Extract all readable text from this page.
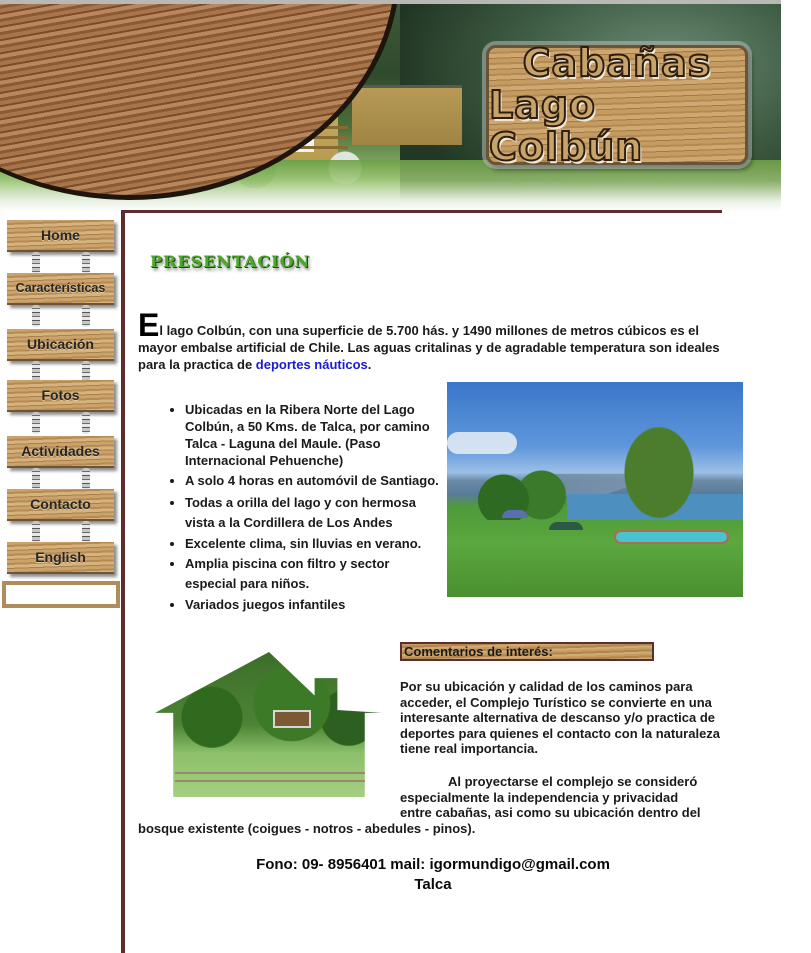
Cabañas
Lago Colbún
Home
Características
Ubicación
Fotos
Actividades
Contacto
English
PRESENTACIÓN

El lago Colbún, con una superficie de 5.700 hás. y 1490 millones de metros cúbicos es el mayor embalse artificial de Chile. Las aguas critalinas y de agradable temperatura son ideales para la practica de deportes náuticos.

• Ubicadas en la Ribera Norte del Lago Colbún, a 50 Kms. de Talca, por camino Talca - Laguna del Maule. (Paso Internacional Pehuenche)
• A solo 4 horas en automóvil de Santiago.
• Todas a orilla del lago y con hermosa vista a la Cordillera de Los Andes
• Excelente clima, sin lluvias en verano.
• Amplia piscina con filtro y sector especial para niños.
• Variados juegos infantiles
Comentarios de interés:

Por su ubicación y calidad de los caminos para acceder, el Complejo Turístico se convierte en una interesante alternativa de descanso y/o practica de deportes para quienes el contacto con la naturaleza tiene real importancia.

Al proyectarse el complejo se consideró
especialmente la independencia y privacidad
entre cabañas, asi como su ubicación dentro del
bosque existente (coigues - notros - abedules - pinos).

Fono: 09- 8956401 mail: igormundigo@gmail.com
Talca
